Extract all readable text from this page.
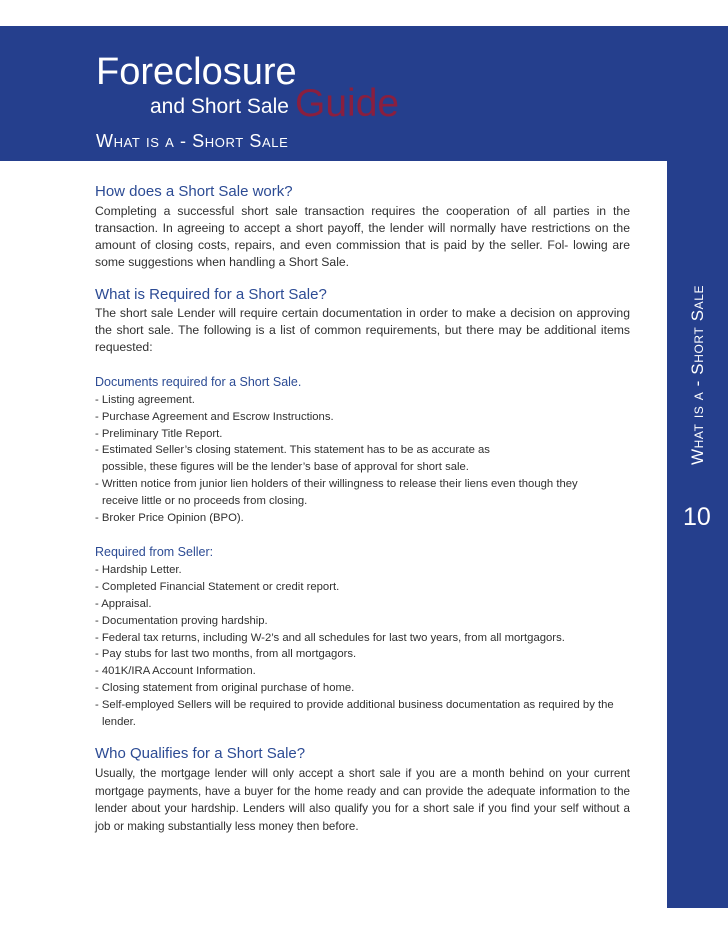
Foreclosure
and Short Sale Guide
What is a - Short Sale
What is a - Short Sale
10
How does a Short Sale work?

Completing a successful short sale transaction requires the cooperation of all parties in the transaction. In agreeing to accept a short payoff, the lender will normally have restrictions on the amount of closing costs, repairs, and even commission that is paid by the seller. Fol- lowing are some suggestions when handling a Short Sale.

What is Required for a Short Sale?

The short sale Lender will require certain documentation in order to make a decision on approving the short sale. The following is a list of common requirements, but there may be additional items requested:

Documents required for a Short Sale.
- Listing agreement.
- Purchase Agreement and Escrow Instructions.
- Preliminary Title Report.
- Estimated Seller’s closing statement. This statement has to be as accurate as possible, these figures will be the lender’s base of approval for short sale.
- Written notice from junior lien holders of their willingness to release their liens even though they receive little or no proceeds from closing.
- Broker Price Opinion (BPO).
Required from Seller:
- Hardship Letter.
- Completed Financial Statement or credit report.
- Appraisal.
- Documentation proving hardship.
- Federal tax returns, including W-2’s and all schedules for last two years, from all mortgagors.
- Pay stubs for last two months, from all mortgagors.
- 401K/IRA Account Information.
- Closing statement from original purchase of home.
- Self-employed Sellers will be required to provide additional business documentation as required by the lender.
Who Qualifies for a Short Sale?

Usually, the mortgage lender will only accept a short sale if you are a month behind on your current mortgage payments, have a buyer for the home ready and can provide the adequate information to the lender about your hardship. Lenders will also qualify you for a short sale if you find your self without a job or making substantially less money then before.
